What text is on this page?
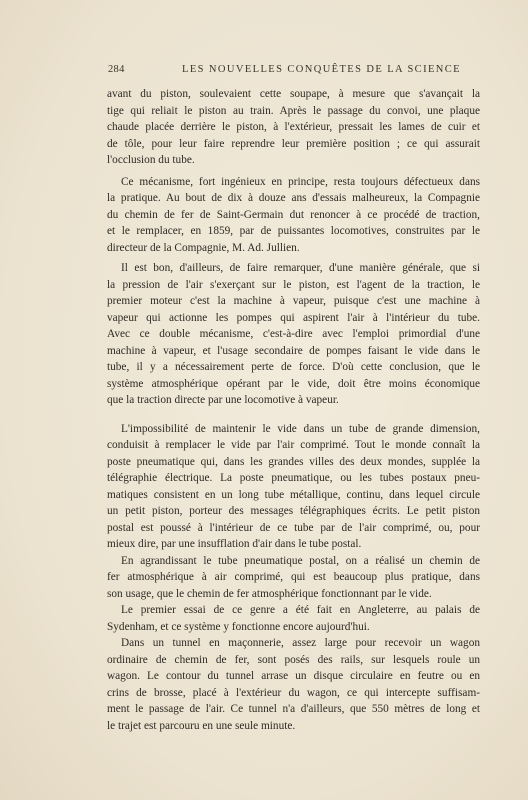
284	LES NOUVELLES CONQUÊTES DE LA SCIENCE
avant du piston, soulevaient cette soupape, à mesure que s'avançait la
tige qui reliait le piston au train. Après le passage du convoi, une plaque
chaude placée derrière le piston, à l'extérieur, pressait les lames de cuir et
de tôle, pour leur faire reprendre leur première position ; ce qui assurait
l'occlusion du tube.
Ce mécanisme, fort ingénieux en principe, resta toujours défectueux dans
la pratique. Au bout de dix à douze ans d'essais malheureux, la Compagnie
du chemin de fer de Saint-Germain dut renoncer à ce procédé de traction,
et le remplacer, en 1859, par de puissantes locomotives, construites par le
directeur de la Compagnie, M. Ad. Jullien.
Il est bon, d'ailleurs, de faire remarquer, d'une manière générale, que si
la pression de l'air s'exerçant sur le piston, est l'agent de la traction, le
premier moteur c'est la machine à vapeur, puisque c'est une machine à
vapeur qui actionne les pompes qui aspirent l'air à l'intérieur du tube.
Avec ce double mécanisme, c'est-à-dire avec l'emploi primordial d'une
machine à vapeur, et l'usage secondaire de pompes faisant le vide dans le
tube, il y a nécessairement perte de force. D'où cette conclusion, que le
système atmosphérique opérant par le vide, doit être moins économique
que la traction directe par une locomotive à vapeur.
L'impossibilité de maintenir le vide dans un tube de grande dimension,
conduisit à remplacer le vide par l'air comprimé. Tout le monde connaît la
poste pneumatique qui, dans les grandes villes des deux mondes, supplée la
télégraphie électrique. La poste pneumatique, ou les tubes postaux pneu-
matiques consistent en un long tube métallique, continu, dans lequel circule
un petit piston, porteur des messages télégraphiques écrits. Le petit piston
postal est poussé à l'intérieur de ce tube par de l'air comprimé, ou, pour
mieux dire, par une insufflation d'air dans le tube postal.
En agrandissant le tube pneumatique postal, on a réalisé un chemin de
fer atmosphérique à air comprimé, qui est beaucoup plus pratique, dans
son usage, que le chemin de fer atmosphérique fonctionnant par le vide.
Le premier essai de ce genre a été fait en Angleterre, au palais de
Sydenham, et ce système y fonctionne encore aujourd'hui.
Dans un tunnel en maçonnerie, assez large pour recevoir un wagon
ordinaire de chemin de fer, sont posés des rails, sur lesquels roule un
wagon. Le contour du tunnel arrase un disque circulaire en feutre ou en
crins de brosse, placé à l'extérieur du wagon, ce qui intercepte suffisam-
ment le passage de l'air. Ce tunnel n'a d'ailleurs, que 550 mètres de long et
le trajet est parcouru en une seule minute.
